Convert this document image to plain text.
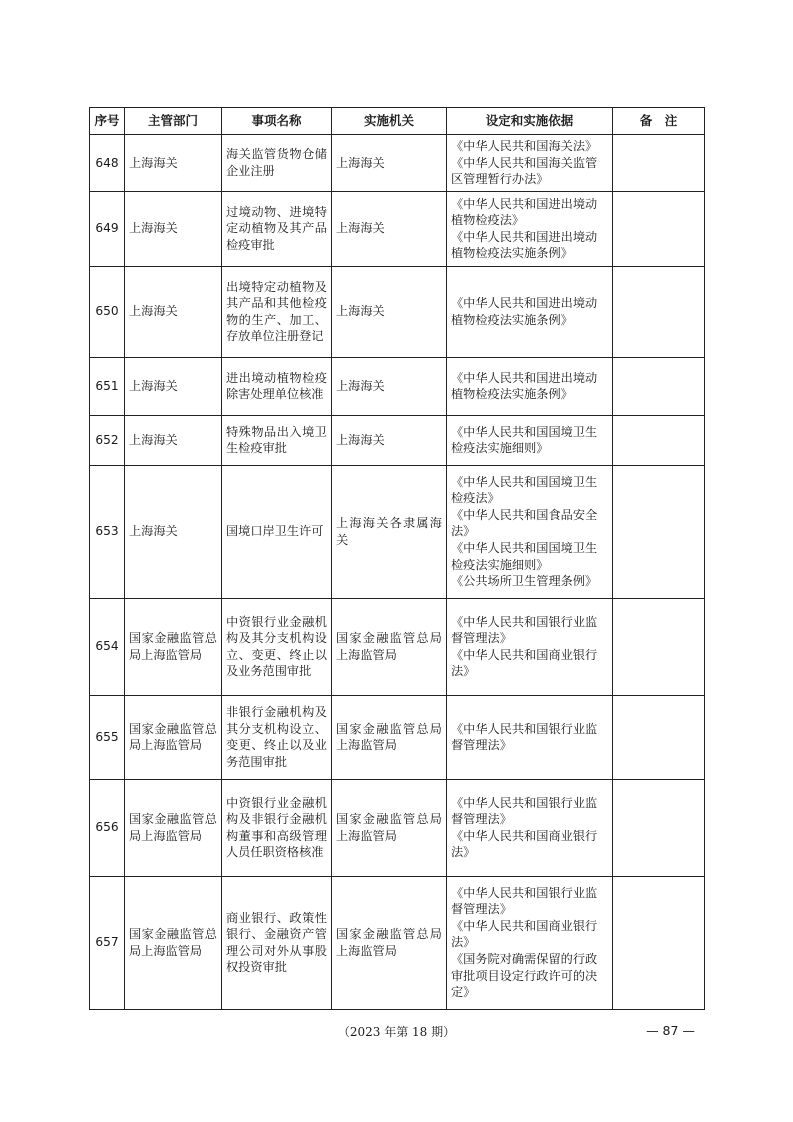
序号	主管部门	事项名称	实施机关	设定和实施依据	备　注
648	上海海关	海关监管货物仓储企业注册	上海海关	《中华人民共和国海关法》
《中华人民共和国海关监管区管理暂行办法》	

649	上海海关	过境动物、进境特定动植物及其产品检疫审批	上海海关	《中华人民共和国进出境动植物检疫法》
《中华人民共和国进出境动植物检疫法实施条例》	

650	上海海关	出境特定动植物及其产品和其他检疫物的生产、加工、存放单位注册登记	上海海关	《中华人民共和国进出境动植物检疫法实施条例》	

651	上海海关	进出境动植物检疫除害处理单位核准	上海海关	《中华人民共和国进出境动植物检疫法实施条例》	

652	上海海关	特殊物品出入境卫生检疫审批	上海海关	《中华人民共和国国境卫生检疫法实施细则》	

653	上海海关	国境口岸卫生许可	上海海关各隶属海关	《中华人民共和国国境卫生检疫法》
《中华人民共和国食品安全法》
《中华人民共和国国境卫生检疫法实施细则》
《公共场所卫生管理条例》	

654	国家金融监管总局上海监管局	中资银行业金融机构及其分支机构设立、变更、终止以及业务范围审批	国家金融监管总局上海监管局	《中华人民共和国银行业监督管理法》
《中华人民共和国商业银行法》	

655	国家金融监管总局上海监管局	非银行金融机构及其分支机构设立、变更、终止以及业务范围审批	国家金融监管总局上海监管局	《中华人民共和国银行业监督管理法》	

656	国家金融监管总局上海监管局	中资银行业金融机构及非银行金融机构董事和高级管理人员任职资格核准	国家金融监管总局上海监管局	《中华人民共和国银行业监督管理法》
《中华人民共和国商业银行法》	

657	国家金融监管总局上海监管局	商业银行、政策性银行、金融资产管理公司对外从事股权投资审批	国家金融监管总局上海监管局	《中华人民共和国银行业监督管理法》
《中华人民共和国商业银行法》
《国务院对确需保留的行政审批项目设定行政许可的决定》	

（2023 年第 18 期）	— 87 —
